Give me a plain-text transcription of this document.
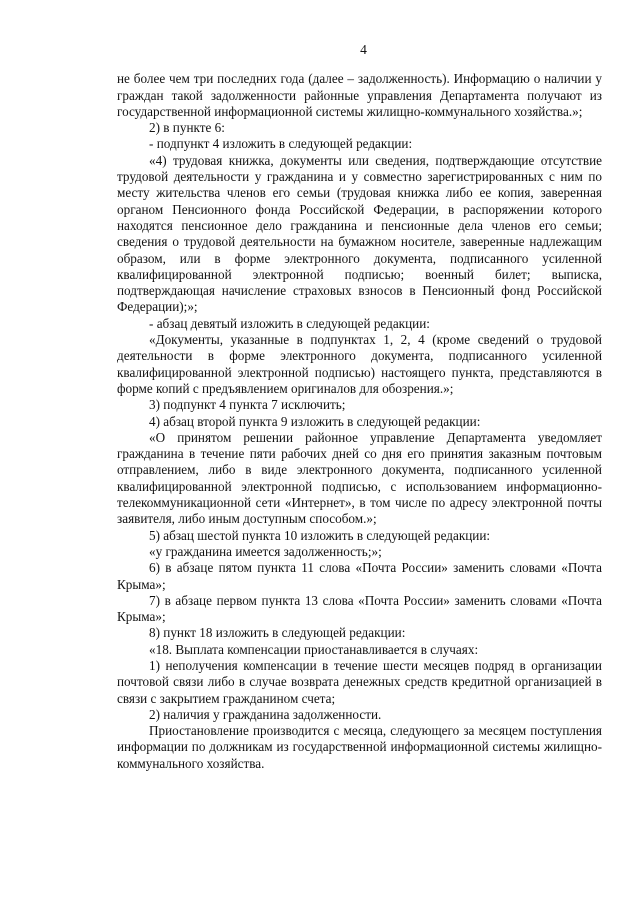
4

не более чем три последних года (далее – задолженность). Информацию о наличии у граждан такой задолженности районные управления Департамента получают из государственной информационной системы жилищно-коммунального хозяйства.»;

2) в пункте 6:

- подпункт 4 изложить в следующей редакции:

«4) трудовая книжка, документы или сведения, подтверждающие отсутствие трудовой деятельности у гражданина и у совместно зарегистрированных с ним по месту жительства членов его семьи (трудовая книжка либо ее копия, заверенная органом Пенсионного фонда Российской Федерации, в распоряжении которого находятся пенсионное дело гражданина и пенсионные дела членов его семьи; сведения о трудовой деятельности на бумажном носителе, заверенные надлежащим образом, или в форме электронного документа, подписанного усиленной квалифицированной электронной подписью; военный билет; выписка, подтверждающая начисление страховых взносов в Пенсионный фонд Российской Федерации);»;

- абзац девятый изложить в следующей редакции:

«Документы, указанные в подпунктах 1, 2, 4 (кроме сведений о трудовой деятельности в форме электронного документа, подписанного усиленной квалифицированной электронной подписью) настоящего пункта, представляются в форме копий с предъявлением оригиналов для обозрения.»;

3) подпункт 4 пункта 7 исключить;

4) абзац второй пункта 9 изложить в следующей редакции:

«О принятом решении районное управление Департамента уведомляет гражданина в течение пяти рабочих дней со дня его принятия заказным почтовым отправлением, либо в виде электронного документа, подписанного усиленной квалифицированной электронной подписью, с использованием информационно-телекоммуникационной сети «Интернет», в том числе по адресу электронной почты заявителя, либо иным доступным способом.»;

5) абзац шестой пункта 10 изложить в следующей редакции:

«у гражданина имеется задолженность;»;

6) в абзаце пятом пункта 11 слова «Почта России» заменить словами «Почта Крыма»;

7) в абзаце первом пункта 13 слова «Почта России» заменить словами «Почта Крыма»;

8) пункт 18 изложить в следующей редакции:

«18. Выплата компенсации приостанавливается в случаях:

1) неполучения компенсации в течение шести месяцев подряд в организации почтовой связи либо в случае возврата денежных средств кредитной организацией в связи с закрытием гражданином счета;

2) наличия у гражданина задолженности.

Приостановление производится с месяца, следующего за месяцем поступления информации по должникам из государственной информационной системы жилищно-коммунального хозяйства.
